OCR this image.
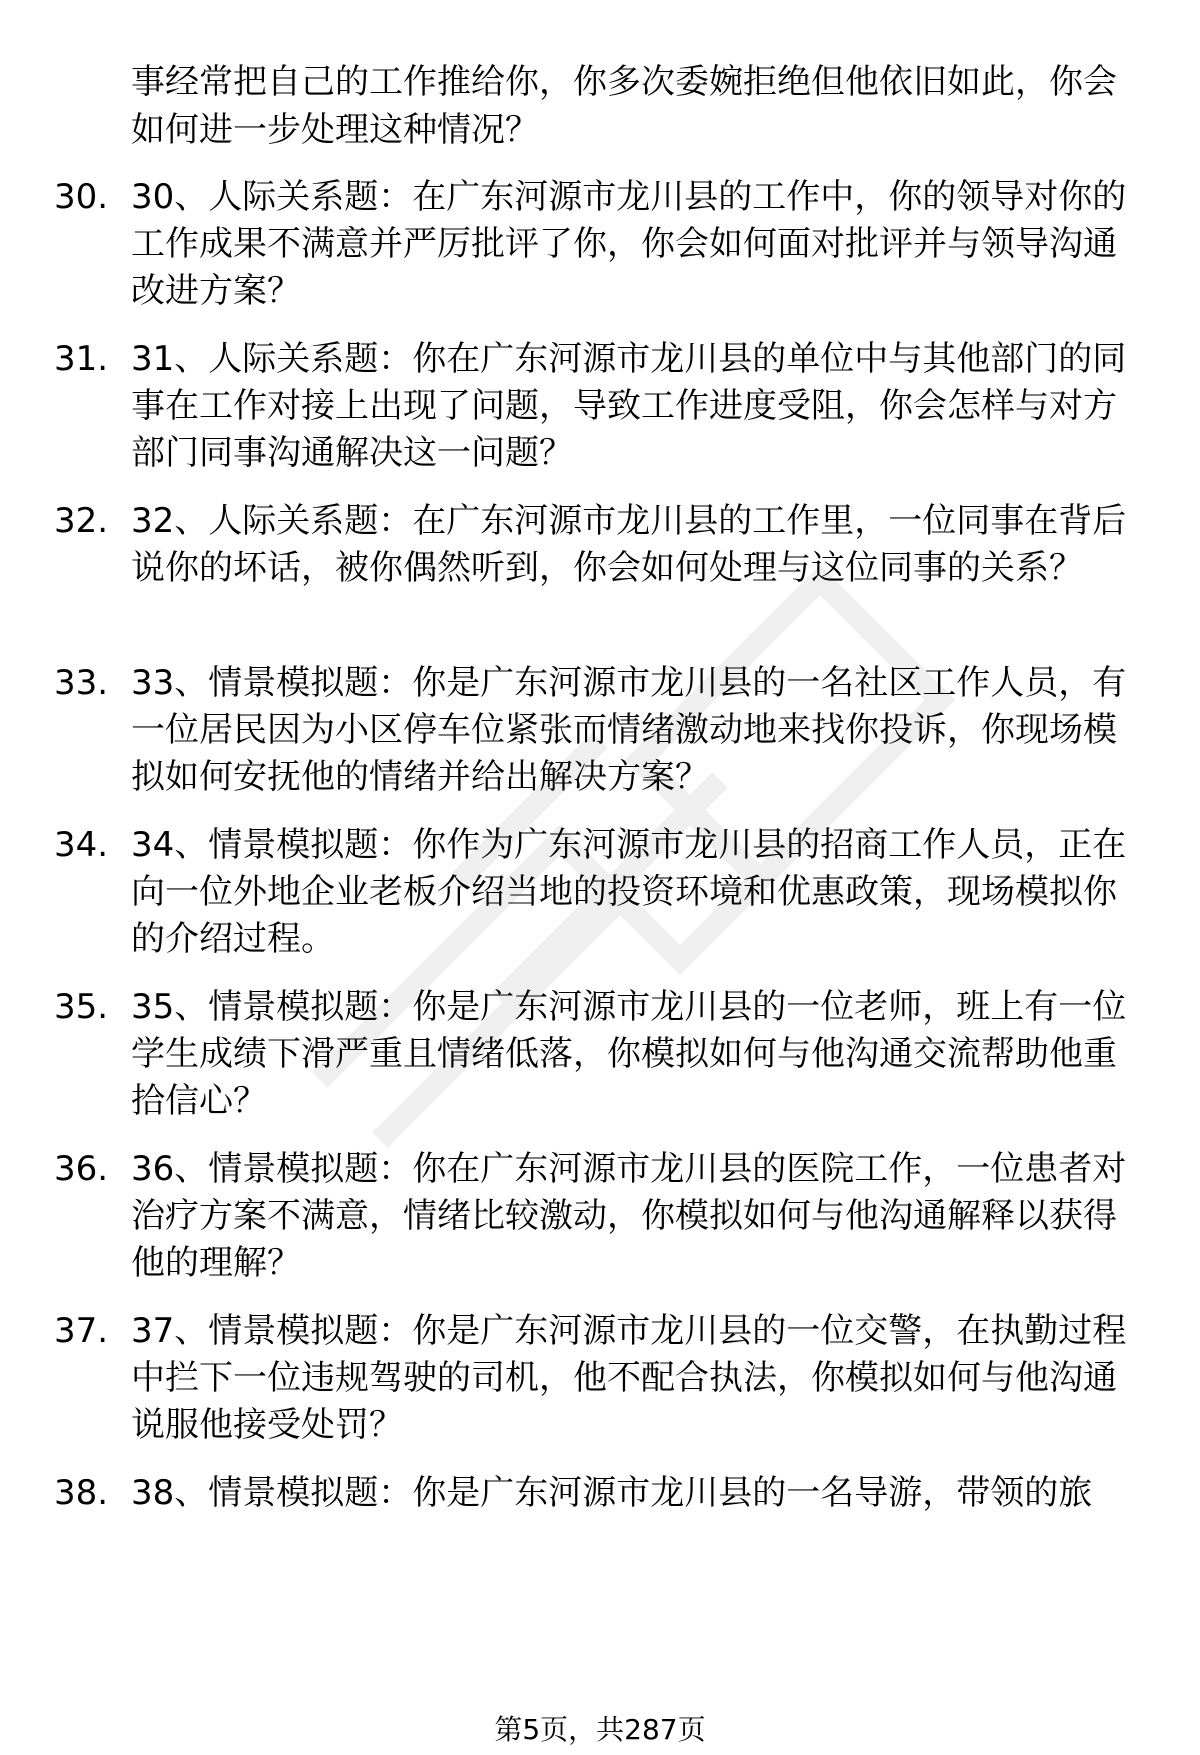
事经常把自己的工作推给你，你多次委婉拒绝但他依旧如此，你会如何进一步处理这种情况？
30. 30、人际关系题：在广东河源市龙川县的工作中，你的领导对你的工作成果不满意并严厉批评了你，你会如何面对批评并与领导沟通改进方案？
31. 31、人际关系题：你在广东河源市龙川县的单位中与其他部门的同事在工作对接上出现了问题，导致工作进度受阻，你会怎样与对方部门同事沟通解决这一问题？
32. 32、人际关系题：在广东河源市龙川县的工作里，一位同事在背后说你的坏话，被你偶然听到，你会如何处理与这位同事的关系？
33. 33、情景模拟题：你是广东河源市龙川县的一名社区工作人员，有一位居民因为小区停车位紧张而情绪激动地来找你投诉，你现场模拟如何安抚他的情绪并给出解决方案？
34. 34、情景模拟题：你作为广东河源市龙川县的招商工作人员，正在向一位外地企业老板介绍当地的投资环境和优惠政策，现场模拟你的介绍过程。
35. 35、情景模拟题：你是广东河源市龙川县的一位老师，班上有一位学生成绩下滑严重且情绪低落，你模拟如何与他沟通交流帮助他重拾信心？
36. 36、情景模拟题：你在广东河源市龙川县的医院工作，一位患者对治疗方案不满意，情绪比较激动，你模拟如何与他沟通解释以获得他的理解？
37. 37、情景模拟题：你是广东河源市龙川县的一位交警，在执勤过程中拦下一位违规驾驶的司机，他不配合执法，你模拟如何与他沟通说服他接受处罚？
38. 38、情景模拟题：你是广东河源市龙川县的一名导游，带领的旅
第5页，共287页
